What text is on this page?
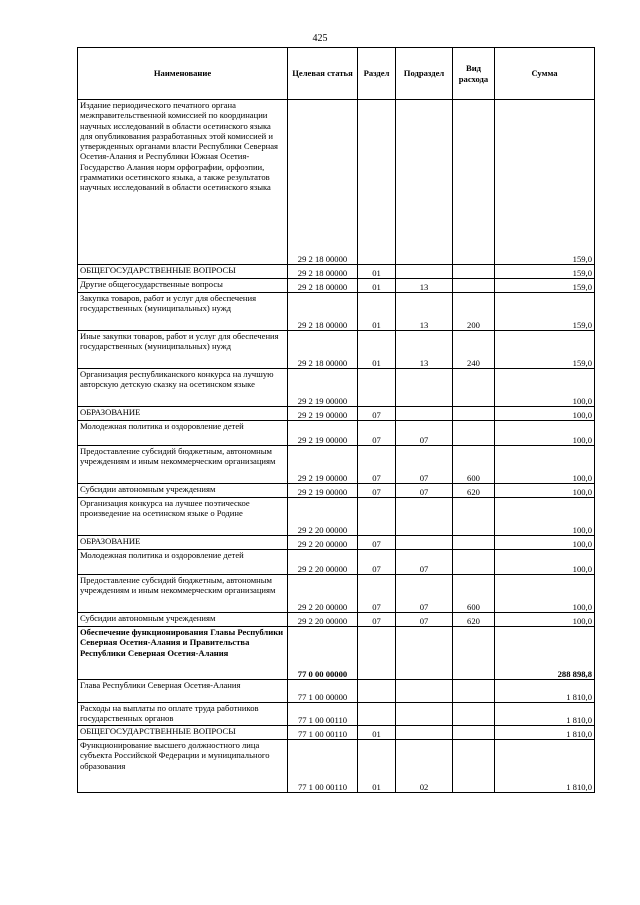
425
Наименование	Целевая статья	Раздел	Подраздел	Вид расхода	Сумма
Издание периодического печатного органа межправительственной комиссией по координации научных исследований в области осетинского языка для опубликования разработанных этой комиссией и утвержденных органами власти Республики Северная Осетия-Алания и Республики Южная Осетия-Государство Алания норм орфографии, орфоэпии, грамматики осетинского языка, а также результатов научных исследований в области осетинского языка	29 2 18 00000				159,0
ОБЩЕГОСУДАРСТВЕННЫЕ ВОПРОСЫ	29 2 18 00000	01			159,0
Другие общегосударственные вопросы	29 2 18 00000	01	13		159,0
Закупка товаров, работ и услуг для обеспечения государственных (муниципальных) нужд	29 2 18 00000	01	13	200	159,0
Иные закупки товаров, работ и услуг для обеспечения государственных (муниципальных) нужд	29 2 18 00000	01	13	240	159,0
Организация республиканского конкурса на лучшую авторскую детскую сказку на осетинском языке	29 2 19 00000				100,0
ОБРАЗОВАНИЕ	29 2 19 00000	07			100,0
Молодежная политика и оздоровление детей	29 2 19 00000	07	07		100,0
Предоставление субсидий бюджетным, автономным учреждениям и иным некоммерческим организациям	29 2 19 00000	07	07	600	100,0
Субсидии автономным учреждениям	29 2 19 00000	07	07	620	100,0
Организация конкурса на лучшее поэтическое произведение на осетинском языке о Родине	29 2 20 00000				100,0
ОБРАЗОВАНИЕ	29 2 20 00000	07			100,0
Молодежная политика и оздоровление детей	29 2 20 00000	07	07		100,0
Предоставление субсидий бюджетным, автономным учреждениям и иным некоммерческим организациям	29 2 20 00000	07	07	600	100,0
Субсидии автономным учреждениям	29 2 20 00000	07	07	620	100,0
Обеспечение функционирования Главы Республики Северная Осетия-Алания и Правительства Республики Северная Осетия-Алания	77 0 00 00000				288 898,8
Глава Республики Северная Осетия-Алания	77 1 00 00000				1 810,0
Расходы на выплаты по оплате труда работников государственных органов	77 1 00 00110				1 810,0
ОБЩЕГОСУДАРСТВЕННЫЕ ВОПРОСЫ	77 1 00 00110	01			1 810,0
Функционирование высшего должностного лица субъекта Российской Федерации и муниципального образования	77 1 00 00110	01	02		1 810,0
